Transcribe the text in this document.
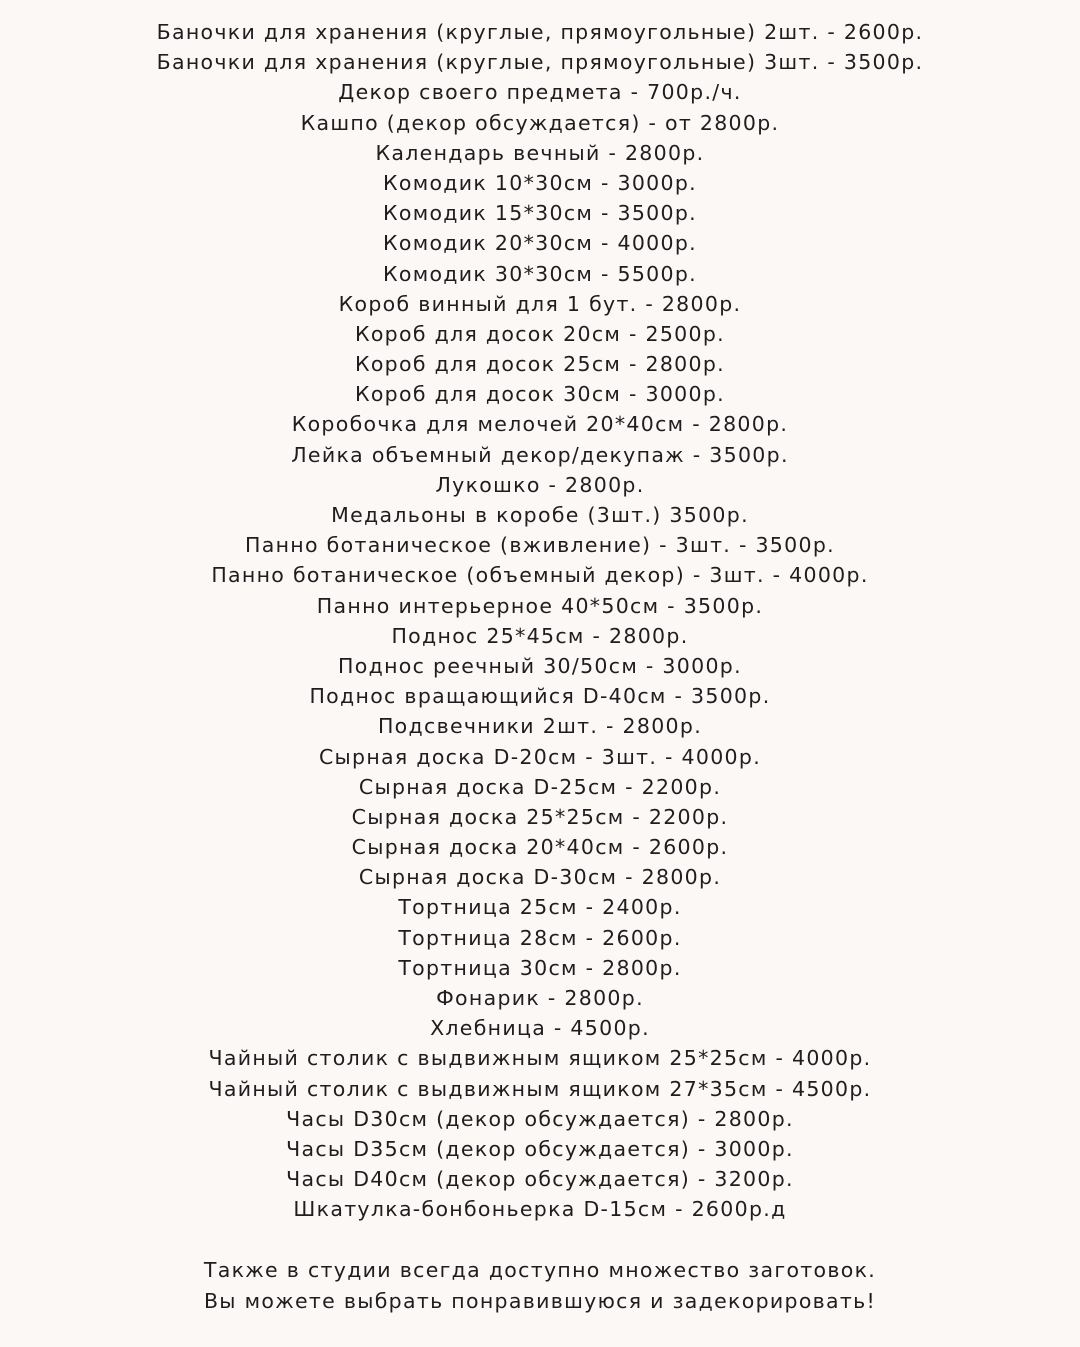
Баночки для хранения (круглые, прямоугольные) 2шт. - 2600р.
Баночки для хранения (круглые, прямоугольные) 3шт. - 3500р.
Декор своего предмета - 700р./ч.
Кашпо (декор обсуждается) - от 2800р.
Календарь вечный - 2800р.
Комодик 10*30см - 3000р.
Комодик 15*30см - 3500р.
Комодик 20*30см - 4000р.
Комодик 30*30см - 5500р.
Короб винный для 1 бут. - 2800р.
Короб для досок 20см - 2500р.
Короб для досок 25см - 2800р.
Короб для досок 30см - 3000р.
Коробочка для мелочей 20*40см - 2800р.
Лейка объемный декор/декупаж - 3500р.
Лукошко - 2800р.
Медальоны в коробе (3шт.) 3500р.
Панно ботаническое (вживление) - 3шт. - 3500р.
Панно ботаническое (объемный декор) - 3шт. - 4000р.
Панно интерьерное 40*50см - 3500р.
Поднос 25*45см - 2800р.
Поднос реечный 30/50см - 3000р.
Поднос вращающийся D-40см - 3500р.
Подсвечники 2шт. - 2800р.
Сырная доска D-20см - 3шт. - 4000р.
Сырная доска D-25см - 2200р.
Сырная доска 25*25см - 2200р.
Сырная доска 20*40см - 2600р.
Сырная доска D-30см - 2800р.
Тортница 25см - 2400р.
Тортница 28см - 2600р.
Тортница 30см - 2800р.
Фонарик - 2800р.
Хлебница - 4500р.
Чайный столик с выдвижным ящиком 25*25см - 4000р.
Чайный столик с выдвижным ящиком 27*35см - 4500р.
Часы D30см (декор обсуждается) - 2800р.
Часы D35см (декор обсуждается) - 3000р.
Часы D40см (декор обсуждается) - 3200р.
Шкатулка-бонбоньерка D-15см - 2600р.д
Также в студии всегда доступно множество заготовок.
Вы можете выбрать понравившуюся и задекорировать!
